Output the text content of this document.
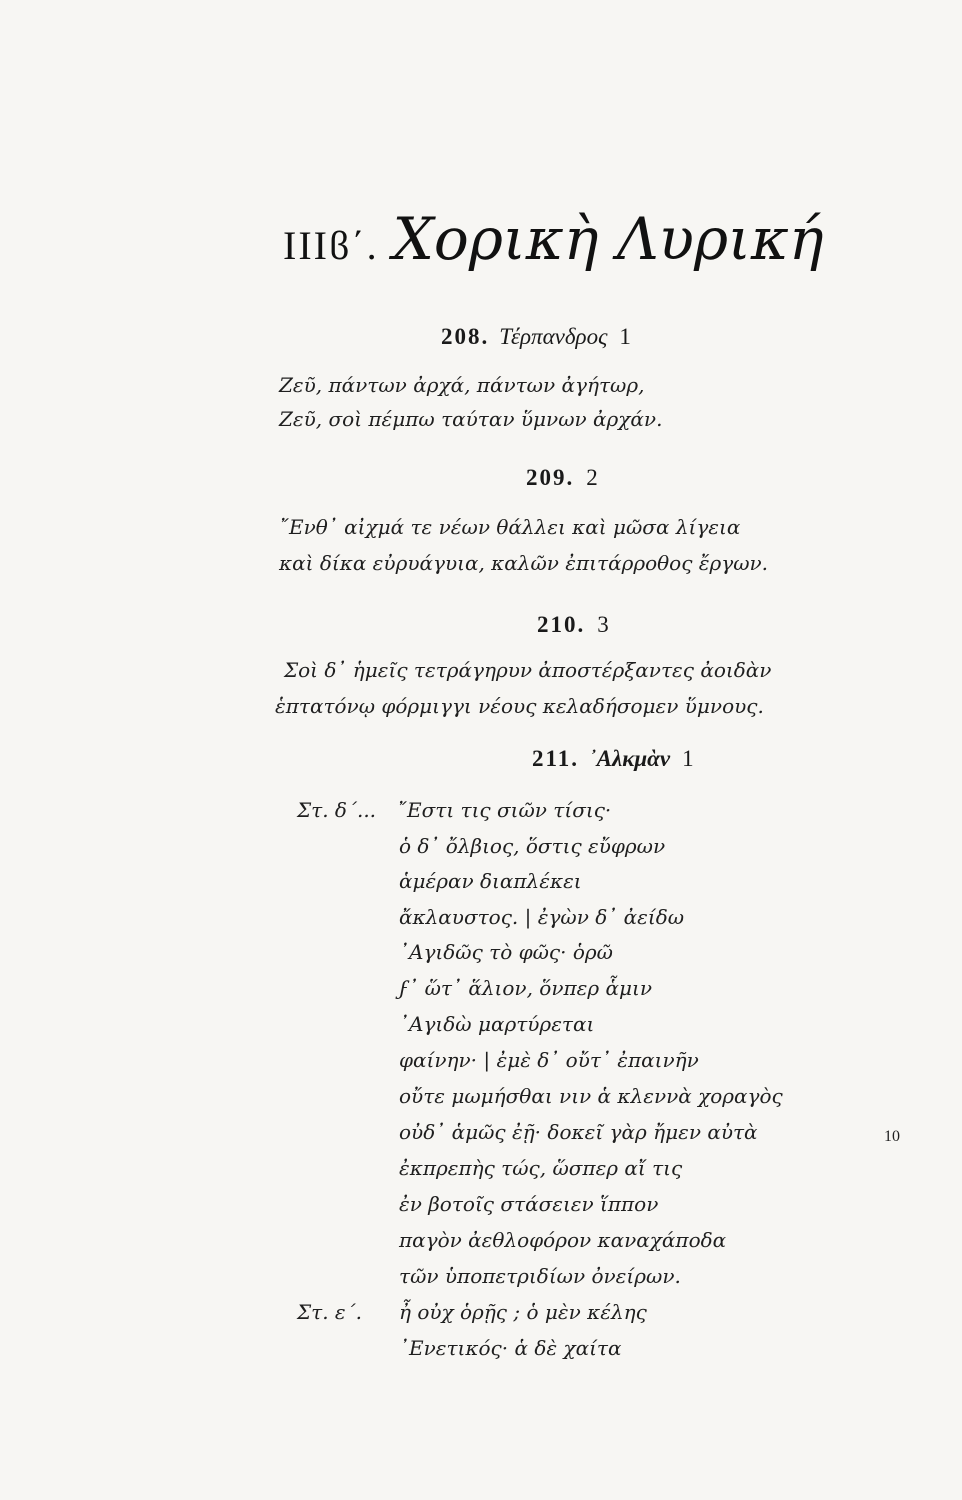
ΙΙΙϐ΄. Χορικὴ Λυρική
208. Τέρπανδρος 1
Ζεῦ, πάντων ἀρχά, πάντων ἀγήτωρ,
Ζεῦ, σοὶ πέμπω ταύταν ὕμνων ἀρχάν.
209. 2
῎Ενθ᾽ αἰχμά τε νέων θάλλει καὶ μῶσα λίγεια
καὶ δίκα εὐρυάγυια, καλῶν ἐπιτάρροθος ἔργων.
210. 3
Σοὶ δ᾽ ἡμεῖς τετράγηρυν ἀποστέρξαντες ἀοιδὰν
ἑπτατόνῳ φόρμιγγι νέους κελαδήσομεν ὕμνους.
211. ᾽Αλκμὰν 1
Στ. δ΄... ῎Εστι τις σιῶν τίσις·
ὁ δ᾽ ὄλβιος, ὅστις εὔφρων
ἁμέραν διαπλέκει
ἄκλαυστος. | ἐγὼν δ᾽ ἀείδω
᾽Αγιδῶς τὸ φῶς· ὁρῶ
ϝ᾽ ὥτ᾽ ἅλιον, ὅνπερ ἇμιν
᾽Αγιδὼ μαρτύρεται
φαίνην· | ἐμὲ δ᾽ οὔτ᾽ ἐπαινῆν
οὔτε μωμήσθαι νιν ἁ κλεννὰ χοραγὸς
οὐδ᾽ ἁμῶς ἐῇ· δοκεῖ γὰρ ἤμεν αὐτὰ	10
ἐκπρεπὴς τώς, ὥσπερ αἴ τις
ἐν βοτοῖς στάσειεν ἵππον
παγὸν ἀεθλοφόρον καναχάποδα
τῶν ὑποπετριδίων ὀνείρων.
Στ. ε΄. ἦ οὐχ ὁρῇς ; ὁ μὲν κέλης
᾽Ενετικός· ἁ δὲ χαίτα
